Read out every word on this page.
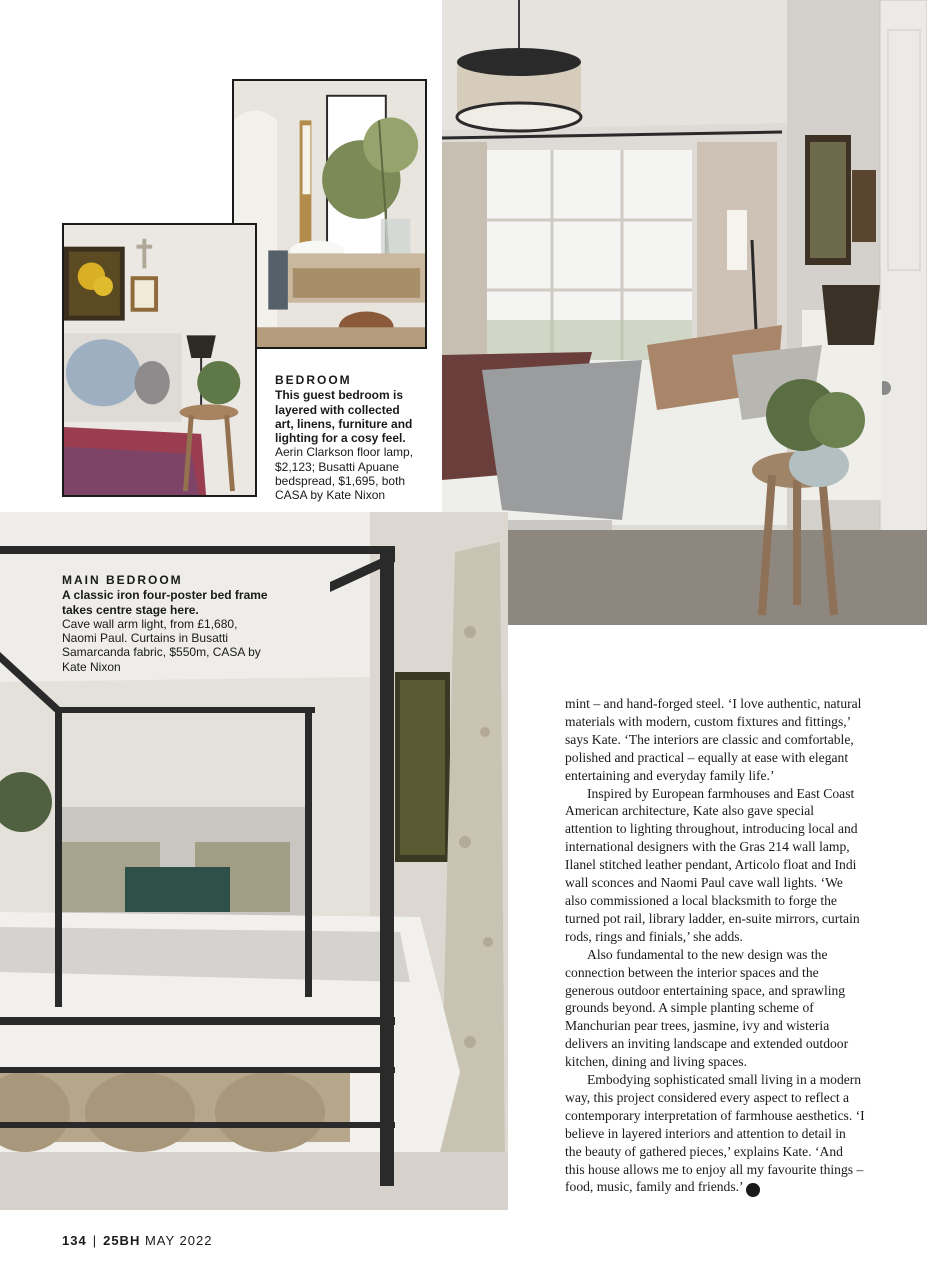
BEDROOM
This guest bedroom is layered with collected art, linens, furniture and lighting for a cosy feel.
Aerin Clarkson floor lamp, $2,123; Busatti Apuane bedspread, $1,695, both CASA by Kate Nixon
MAIN BEDROOM
A classic iron four-poster bed frame takes centre stage here.
Cave wall arm light, from £1,680, Naomi Paul. Curtains in Busatti Samarcanda fabric, $550m, CASA by Kate Nixon

mint – and hand-forged steel. ‘I love authentic, natural materials with modern, custom fixtures and fittings,’ says Kate. ‘The interiors are classic and comfortable, polished and practical – equally at ease with elegant entertaining and everyday family life.’

Inspired by European farmhouses and East Coast American architecture, Kate also gave special attention to lighting throughout, introducing local and international designers with the Gras 214 wall lamp, Ilanel stitched leather pendant, Articolo float and Indi wall sconces and Naomi Paul cave wall lights. ‘We also commissioned a local blacksmith to forge the turned pot rail, library ladder, en-suite mirrors, curtain rods, rings and finials,’ she adds.

Also fundamental to the new design was the connection between the interior spaces and the generous outdoor entertaining space, and sprawling grounds beyond. A simple planting scheme of Manchurian pear trees, jasmine, ivy and wisteria delivers an inviting landscape and extended outdoor kitchen, dining and living spaces.

Embodying sophisticated small living in a modern way, this project considered every aspect to reflect a contemporary interpretation of farmhouse aesthetics. ‘I believe in layered interiors and attention to detail in the beauty of gathered pieces,’ explains Kate. ‘And this house allows me to enjoy all my favourite things – food, music, family and friends.’	25

134 | 25BH MAY 2022
